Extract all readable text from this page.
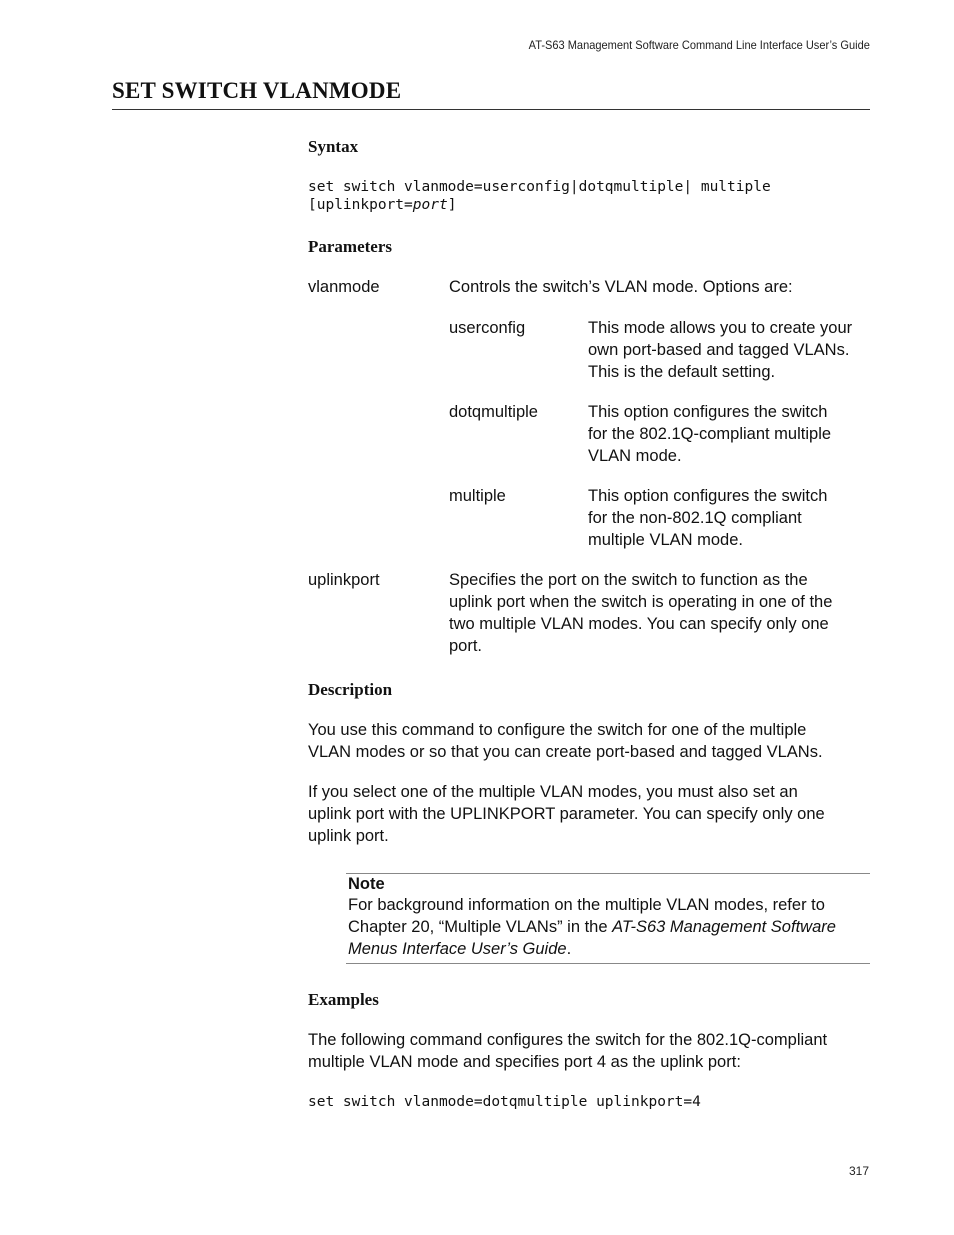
AT-S63 Management Software Command Line Interface User’s Guide
SET SWITCH VLANMODE
Syntax
set switch vlanmode=userconfig|dotqmultiple| multiple
[uplinkport=port]
Parameters
vlanmode	Controls the switch’s VLAN mode. Options are:
userconfig	This mode allows you to create your
own port-based and tagged VLANs.
This is the default setting.
dotqmultiple	This option configures the switch
for the 802.1Q-compliant multiple
VLAN mode.
multiple	This option configures the switch
for the non-802.1Q compliant
multiple VLAN mode.
uplinkport	Specifies the port on the switch to function as the
uplink port when the switch is operating in one of the
two multiple VLAN modes. You can specify only one
port.
Description
You use this command to configure the switch for one of the multiple
VLAN modes or so that you can create port-based and tagged VLANs.
If you select one of the multiple VLAN modes, you must also set an
uplink port with the UPLINKPORT parameter. You can specify only one
uplink port.
Note
For background information on the multiple VLAN modes, refer to
Chapter 20, “Multiple VLANs” in the AT-S63 Management Software
Menus Interface User’s Guide.
Examples
The following command configures the switch for the 802.1Q-compliant
multiple VLAN mode and specifies port 4 as the uplink port:
set switch vlanmode=dotqmultiple uplinkport=4
317
